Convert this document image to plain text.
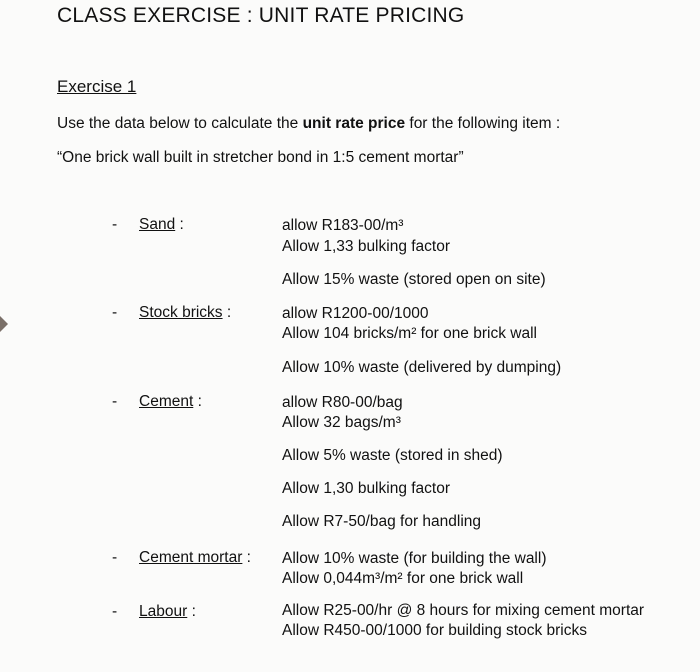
CLASS EXERCISE : UNIT RATE PRICING
Exercise 1
Use the data below to calculate the unit rate price for the following item :
“One brick wall built in stretcher bond in 1:5 cement mortar”
- Sand :	allow R183-00/m³
Allow 1,33 bulking factor
Allow 15% waste (stored open on site)
- Stock bricks :	allow R1200-00/1000
Allow 104 bricks/m² for one brick wall
Allow 10% waste (delivered by dumping)
- Cement :	allow R80-00/bag
Allow 32 bags/m³
Allow 5% waste (stored in shed)
Allow 1,30 bulking factor
Allow R7-50/bag for handling
- Cement mortar : Allow 10% waste (for building the wall)
Allow 0,044m³/m² for one brick wall
- Labour :	Allow R25-00/hr @ 8 hours for mixing cement mortar
Allow R450-00/1000 for building stock bricks
